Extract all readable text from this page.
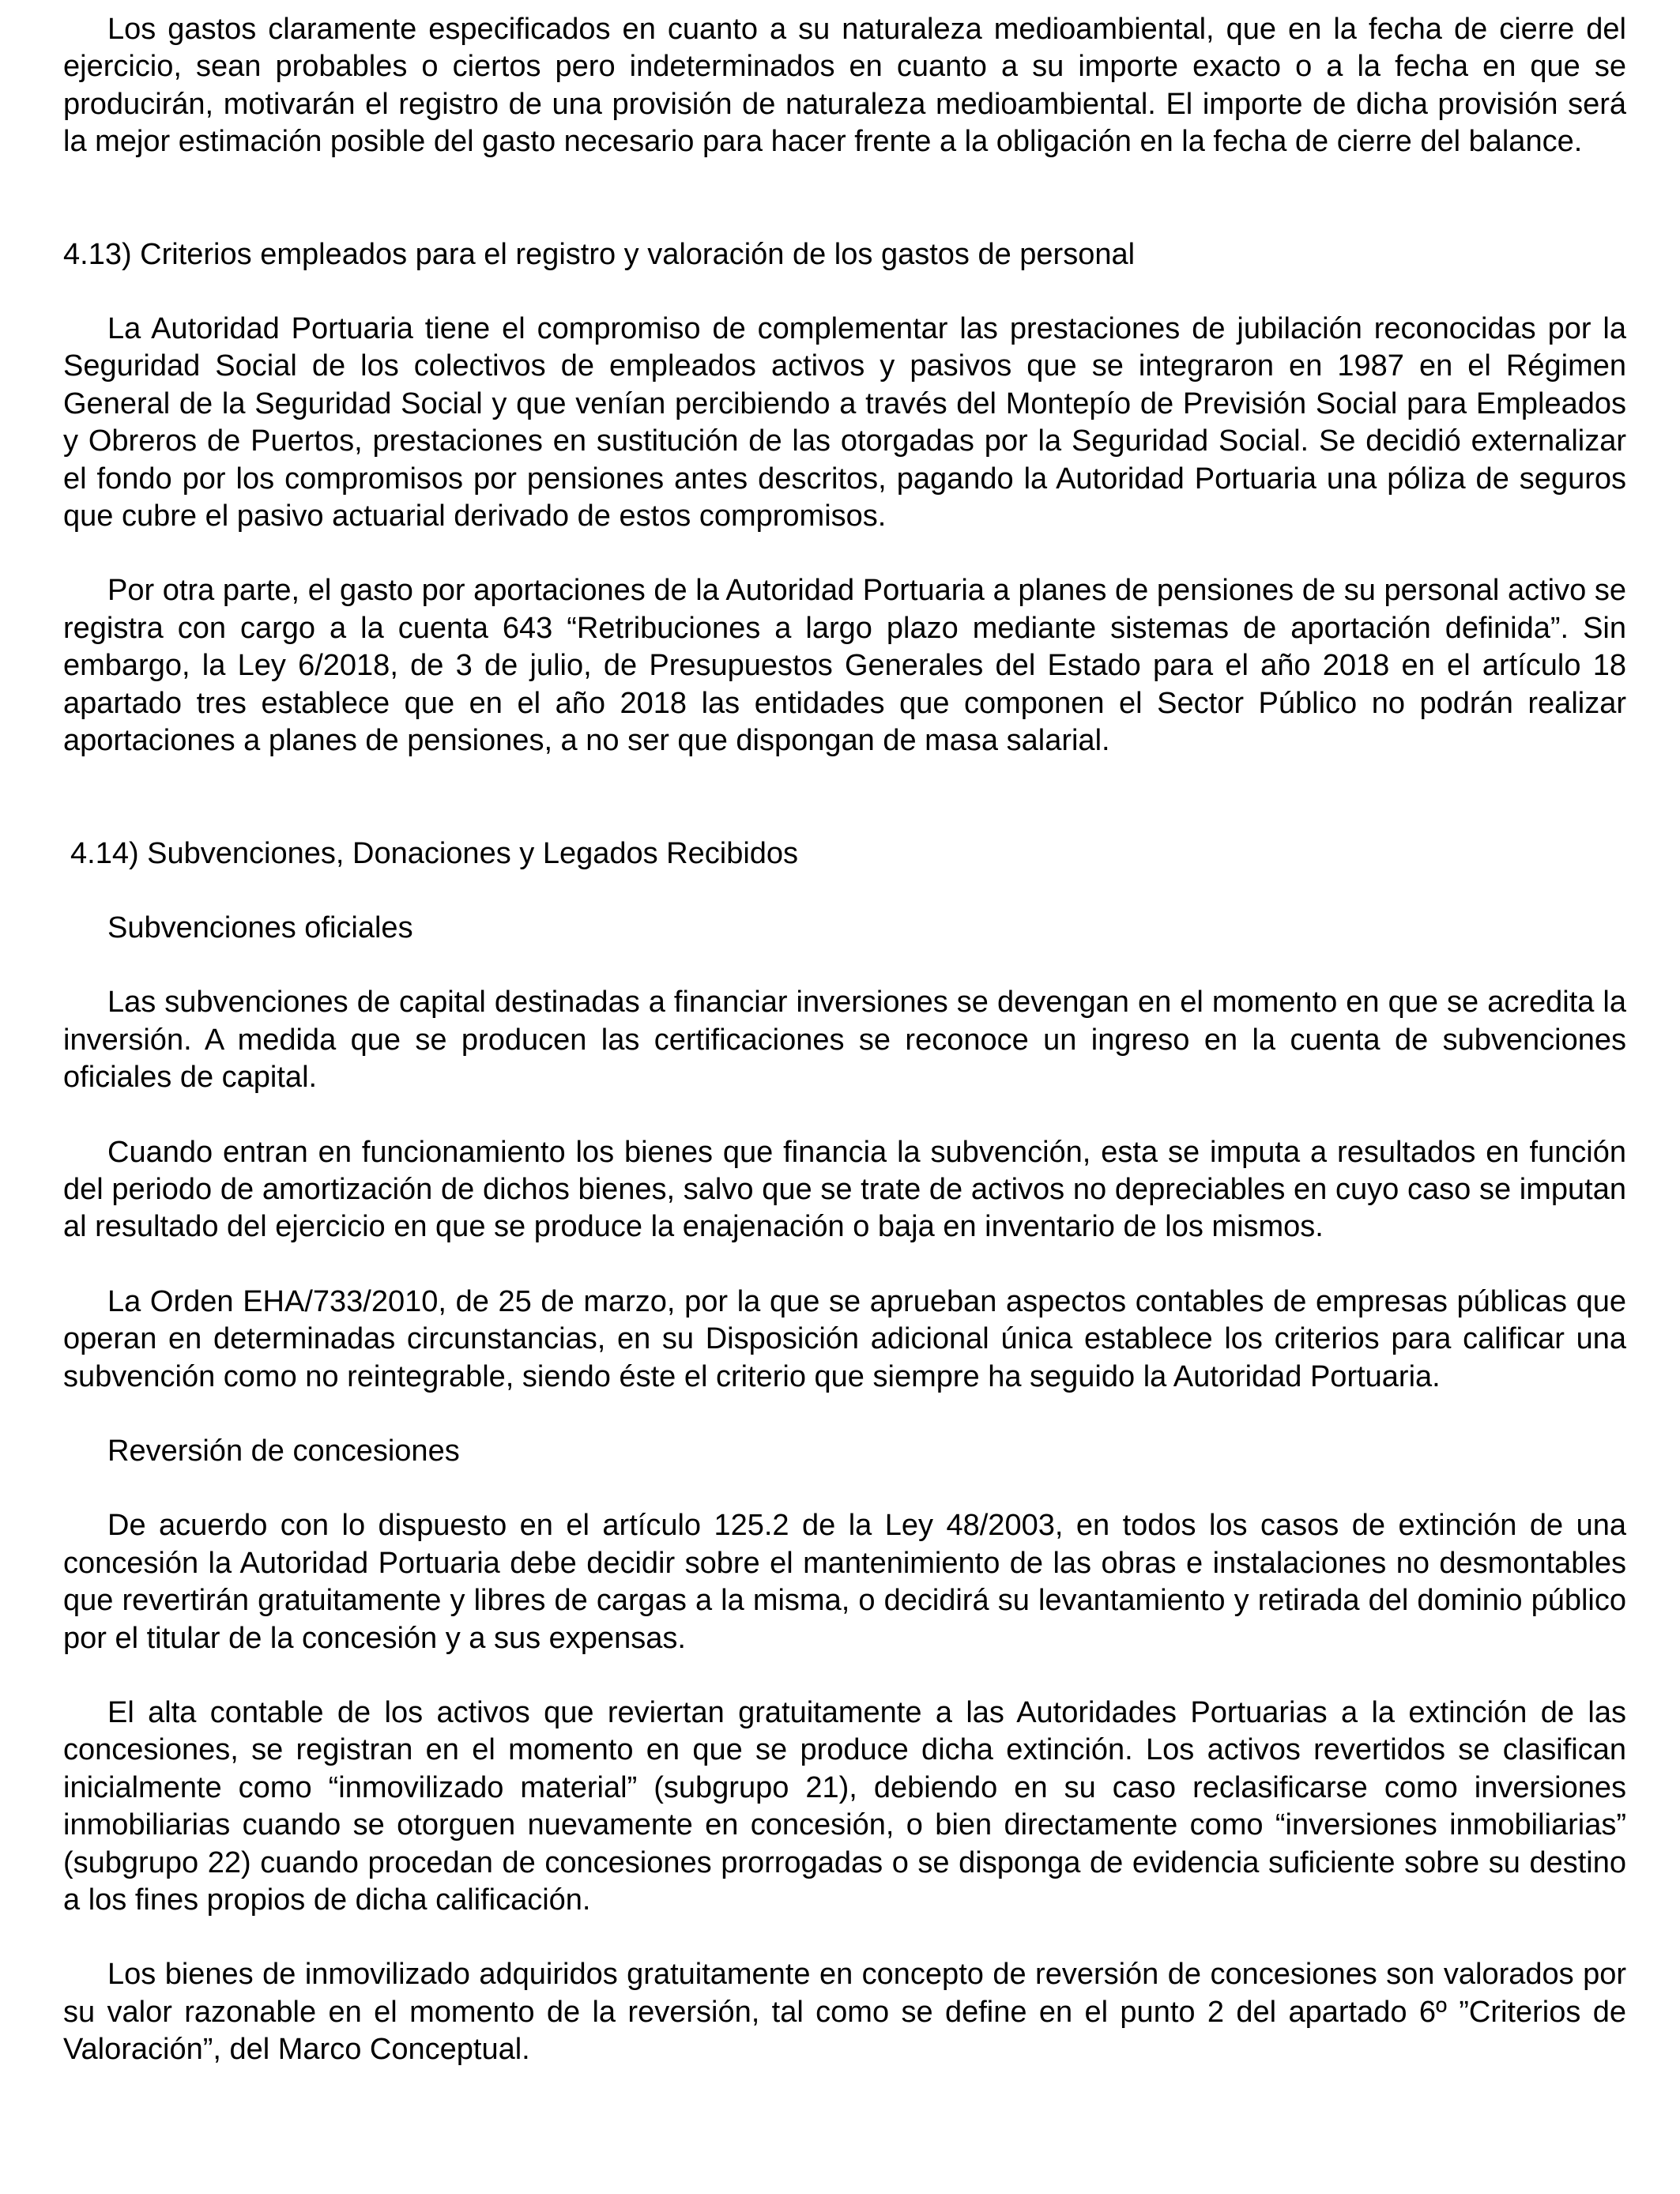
Los gastos claramente especificados en cuanto a su naturaleza medioambiental, que en la fecha de cierre del ejercicio, sean probables o ciertos pero indeterminados en cuanto a su importe exacto o a la fecha en que se producirán, motivarán el registro de una provisión de naturaleza medioambiental. El importe de dicha provisión será la mejor estimación posible del gasto necesario para hacer frente a la obligación en la fecha de cierre del balance.

4.13) Criterios empleados para el registro y valoración de los gastos de personal

La Autoridad Portuaria tiene el compromiso de complementar las prestaciones de jubilación reconocidas por la Seguridad Social de los colectivos de empleados activos y pasivos que se integraron en 1987 en el Régimen General de la Seguridad Social y que venían percibiendo a través del Montepío de Previsión Social para Empleados y Obreros de Puertos, prestaciones en sustitución de las otorgadas por la Seguridad Social. Se decidió externalizar el fondo por los compromisos por pensiones antes descritos, pagando la Autoridad Portuaria una póliza de seguros que cubre el pasivo actuarial derivado de estos compromisos.

Por otra parte, el gasto por aportaciones de la Autoridad Portuaria a planes de pensiones de su personal activo se registra con cargo a la cuenta 643 “Retribuciones a largo plazo mediante sistemas de aportación definida”. Sin embargo, la Ley 6/2018, de 3 de julio, de Presupuestos Generales del Estado para el año 2018 en el artículo 18 apartado tres establece que en el año 2018 las entidades que componen el Sector Público no podrán realizar aportaciones a planes de pensiones, a no ser que dispongan de masa salarial.

4.14) Subvenciones, Donaciones y Legados Recibidos

Subvenciones oficiales

Las subvenciones de capital destinadas a financiar inversiones se devengan en el momento en que se acredita la inversión. A medida que se producen las certificaciones se reconoce un ingreso en la cuenta de subvenciones oficiales de capital.

Cuando entran en funcionamiento los bienes que financia la subvención, esta se imputa a resultados en función del periodo de amortización de dichos bienes, salvo que se trate de activos no depreciables en cuyo caso se imputan al resultado del ejercicio en que se produce la enajenación o baja en inventario de los mismos.

La Orden EHA/733/2010, de 25 de marzo, por la que se aprueban aspectos contables de empresas públicas que operan en determinadas circunstancias, en su Disposición adicional única establece los criterios para calificar una subvención como no reintegrable, siendo éste el criterio que siempre ha seguido la Autoridad Portuaria.

Reversión de concesiones

De acuerdo con lo dispuesto en el artículo 125.2 de la Ley 48/2003, en todos los casos de extinción de una concesión la Autoridad Portuaria debe decidir sobre el mantenimiento de las obras e instalaciones no desmontables que revertirán gratuitamente y libres de cargas a la misma, o decidirá su levantamiento y retirada del dominio público por el titular de la concesión y a sus expensas.

El alta contable de los activos que reviertan gratuitamente a las Autoridades Portuarias a la extinción de las concesiones, se registran en el momento en que se produce dicha extinción. Los activos revertidos se clasifican inicialmente como “inmovilizado material” (subgrupo 21), debiendo en su caso reclasificarse como inversiones inmobiliarias cuando se otorguen nuevamente en concesión, o bien directamente como “inversiones inmobiliarias” (subgrupo 22) cuando procedan de concesiones prorrogadas o se disponga de evidencia suficiente sobre su destino a los fines propios de dicha calificación.

Los bienes de inmovilizado adquiridos gratuitamente en concepto de reversión de concesiones son valorados por su valor razonable en el momento de la reversión, tal como se define en el punto 2 del apartado 6º ”Criterios de Valoración”, del Marco Conceptual.
